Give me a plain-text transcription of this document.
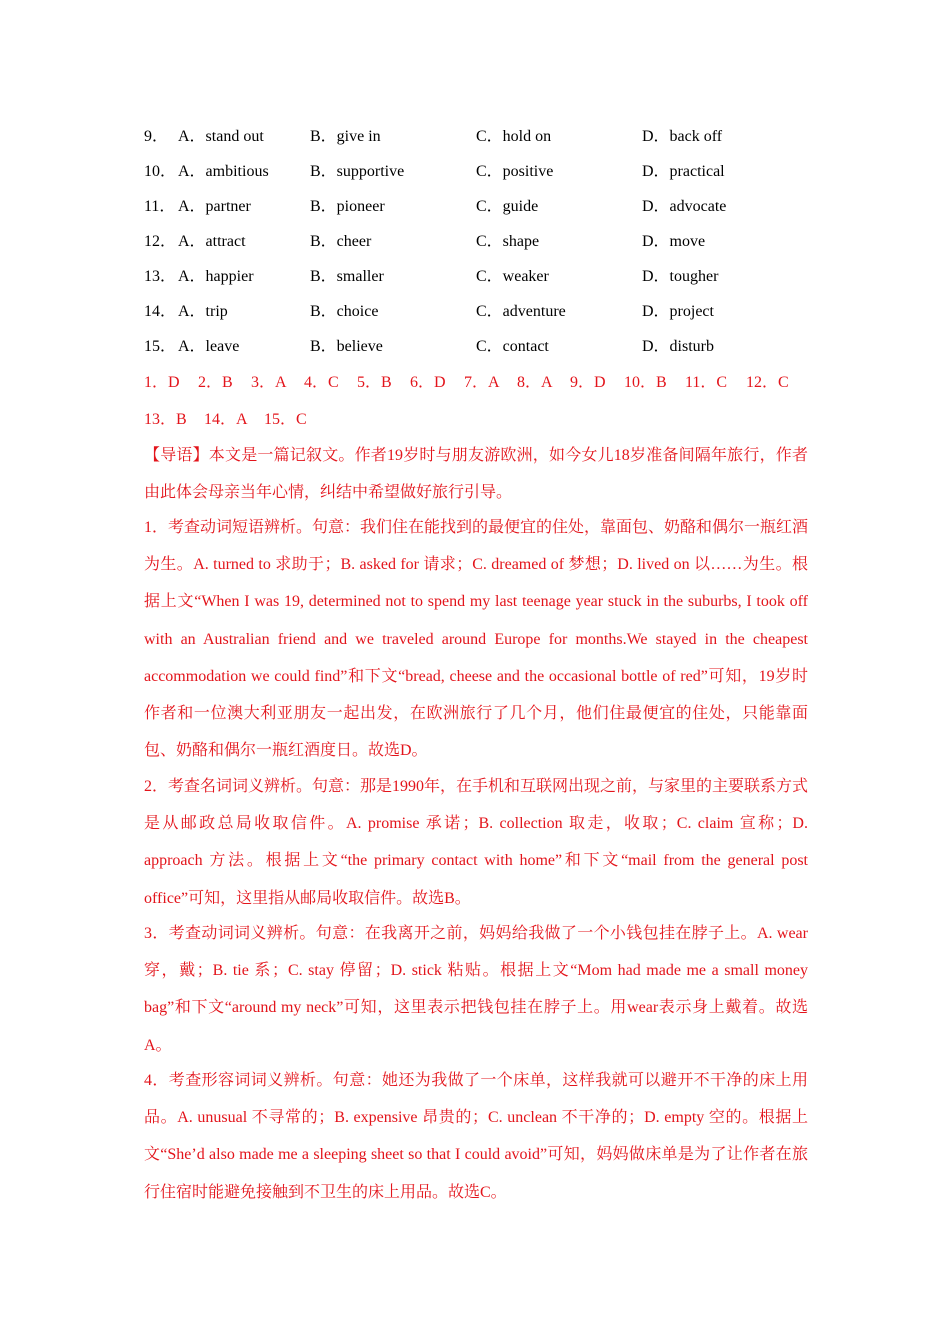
9． A．stand out	B．give in	C．hold on	D．back off
10． A．ambitious	B．supportive	C．positive	D．practical
11． A．partner	B．pioneer	C．guide	D．advocate
12． A．attract	B．cheer	C．shape	D．move
13． A．happier	B．smaller	C．weaker	D．tougher
14． A．trip	B．choice	C．adventure	D．project
15． A．leave	B．believe	C．contact	D．disturb
1．D 2．B 3．A 4．C 5．B 6．D 7．A 8．A 9．D 10．B 11．C 12．C
13．B 14．A 15．C

【导语】本文是一篇记叙文。作者19岁时与朋友游欧洲，如今女儿18岁准备间隔年旅行，作者由此体会母亲当年心情，纠结中希望做好旅行引导。

1．考查动词短语辨析。句意：我们住在能找到的最便宜的住处，靠面包、奶酪和偶尔一瓶红酒为生。A. turned to 求助于；B. asked for 请求；C. dreamed of 梦想；D. lived on 以……为生。根据上文“When I was 19, determined not to spend my last teenage year stuck in the suburbs, I took off with an Australian friend and we traveled around Europe for months.We stayed in the cheapest accommodation we could find”和下文“bread, cheese and the occasional bottle of red”可知，19岁时作者和一位澳大利亚朋友一起出发，在欧洲旅行了几个月，他们住最便宜的住处，只能靠面包、奶酪和偶尔一瓶红酒度日。故选D。

2．考查名词词义辨析。句意：那是1990年，在手机和互联网出现之前，与家里的主要联系方式是从邮政总局收取信件。A. promise 承诺；B. collection 取走，收取；C. claim 宣称；D. approach 方法。根据上文“the primary contact with home”和下文“mail from the general post office”可知，这里指从邮局收取信件。故选B。

3．考查动词词义辨析。句意：在我离开之前，妈妈给我做了一个小钱包挂在脖子上。A. wear 穿，戴；B. tie 系；C. stay 停留；D. stick 粘贴。根据上文“Mom had made me a small money bag”和下文“around my neck”可知，这里表示把钱包挂在脖子上。用wear表示身上戴着。故选A。

4．考查形容词词义辨析。句意：她还为我做了一个床单，这样我就可以避开不干净的床上用品。A. unusual 不寻常的；B. expensive 昂贵的；C. unclean 不干净的；D. empty 空的。根据上文“She’d also made me a sleeping sheet so that I could avoid”可知，妈妈做床单是为了让作者在旅行住宿时能避免接触到不卫生的床上用品。故选C。
